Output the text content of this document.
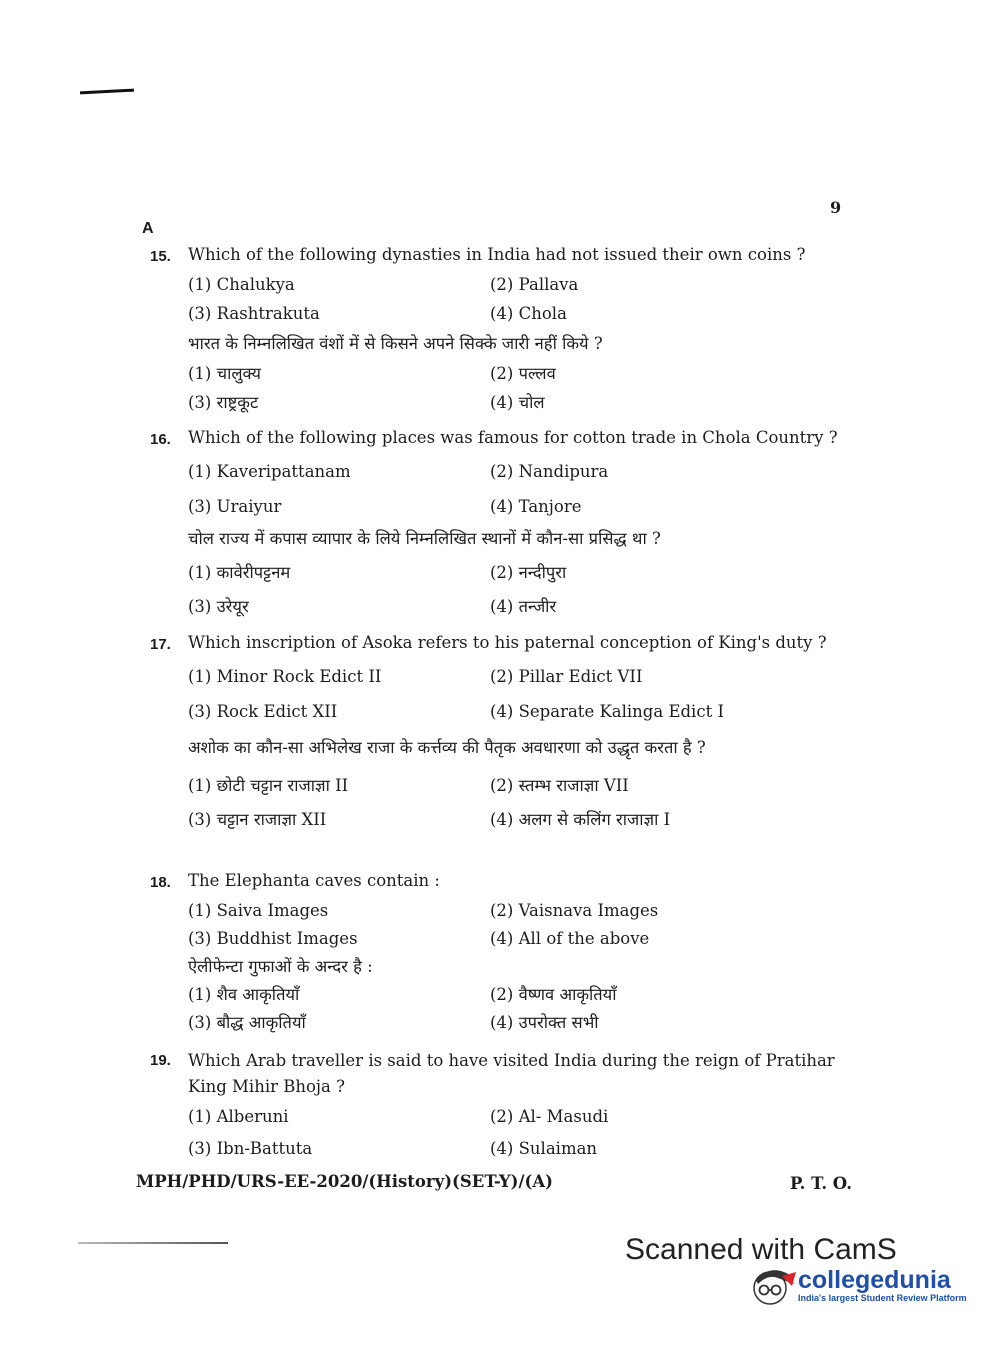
9
A
15.	Which of the following dynasties in India had not issued their own coins ?
(1) Chalukya	(2) Pallava
(3) Rashtrakuta	(4) Chola
भारत के निम्नलिखित वंशों में से किसने अपने सिक्के जारी नहीं किये ?
(1) चालुक्य	(2) पल्लव
(3) राष्ट्रकूट	(4) चोल
16.	Which of the following places was famous for cotton trade in Chola Country ?
(1) Kaveripattanam	(2) Nandipura
(3) Uraiyur	(4) Tanjore
चोल राज्य में कपास व्यापार के लिये निम्नलिखित स्थानों में कौन-सा प्रसिद्ध था ?
(1) कावेरीपट्टनम	(2) नन्दीपुरा
(3) उरेयूर	(4) तन्जीर
17.	Which inscription of Asoka refers to his paternal conception of King's duty ?
(1) Minor Rock Edict II	(2) Pillar Edict VII
(3) Rock Edict XII	(4) Separate Kalinga Edict I
अशोक का कौन-सा अभिलेख राजा के कर्त्तव्य की पैतृक अवधारणा को उद्धृत करता है ?
(1) छोटी चट्टान राजाज्ञा II	(2) स्तम्भ राजाज्ञा VII
(3) चट्टान राजाज्ञा XII	(4) अलग से कलिंग राजाज्ञा I
18.	The Elephanta caves contain :
(1) Saiva Images	(2) Vaisnava Images
(3) Buddhist Images	(4) All of the above
ऐलीफेन्टा गुफाओं के अन्दर है :
(1) शैव आकृतियाँ	(2) वैष्णव आकृतियाँ
(3) बौद्ध आकृतियाँ	(4) उपरोक्त सभी
19.	Which Arab traveller is said to have visited India during the reign of Pratihar King Mihir Bhoja ?
(1) Alberuni	(2) Al- Masudi
(3) Ibn-Battuta	(4) Sulaiman
MPH/PHD/URS-EE-2020/(History)(SET-Y)/(A)	P. T. O.
Scanned with CamS
collegedunia
India's largest Student Review Platform
